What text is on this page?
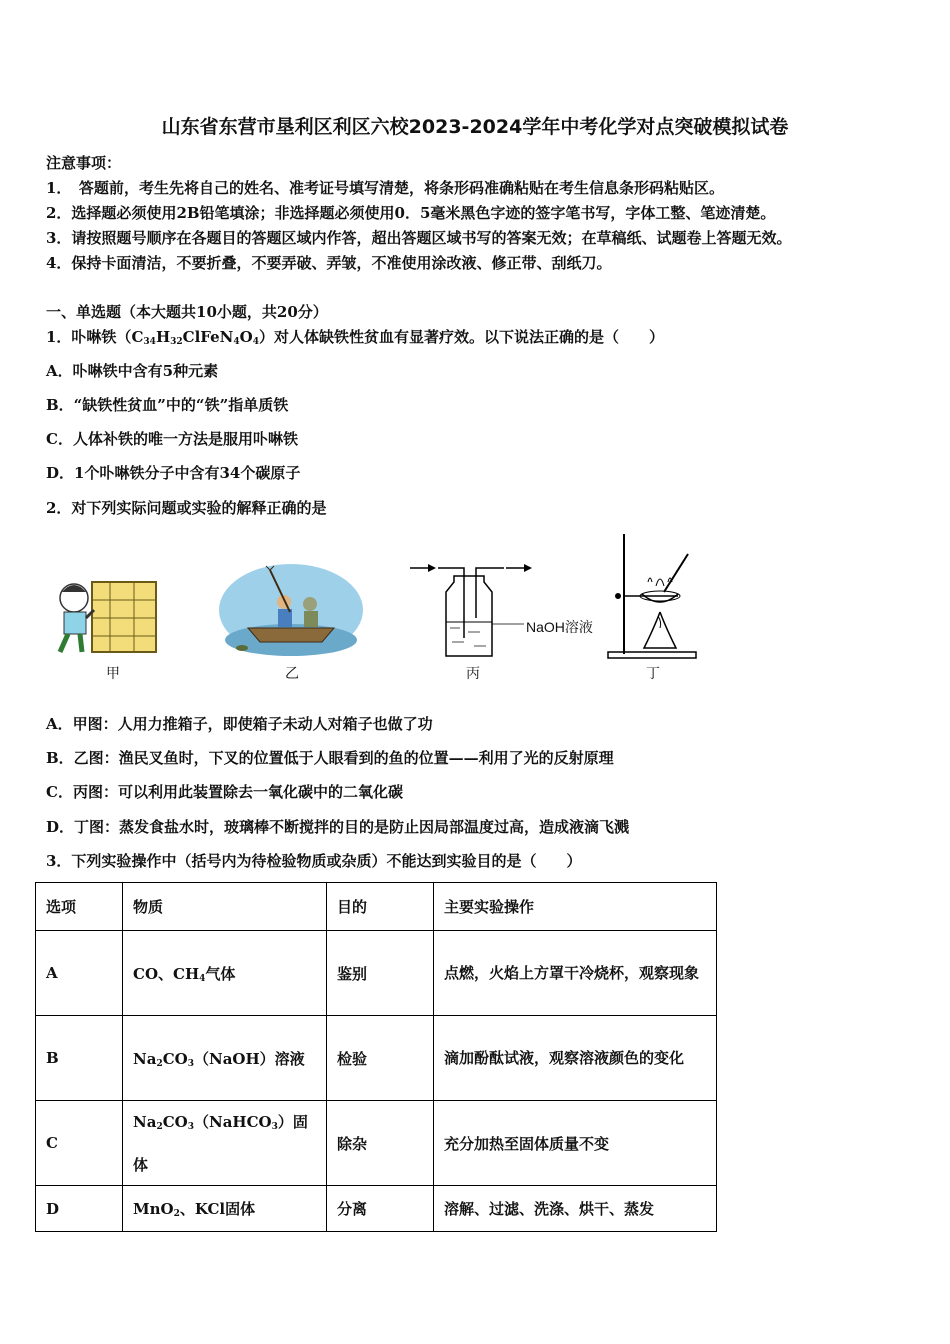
山东省东营市垦利区利区六校2023-2024学年中考化学对点突破模拟试卷
注意事项：
1．　答题前，考生先将自己的姓名、准考证号填写清楚，将条形码准确粘贴在考生信息条形码粘贴区。
2．选择题必须使用2B铅笔填涂；非选择题必须使用0．5毫米黑色字迹的签字笔书写，字体工整、笔迹清楚。
3．请按照题号顺序在各题目的答题区域内作答，超出答题区域书写的答案无效；在草稿纸、试题卷上答题无效。
4．保持卡面清洁，不要折叠，不要弄破、弄皱，不准使用涂改液、修正带、刮纸刀。
一、单选题（本大题共10小题，共20分）
1．卟啉铁$(C_{34}H_{32}ClFeN_4O_4)$对人体缺铁性贫血有显著疗效。以下说法正确的是（　　）
A．卟啉铁中含有5种元素
B．“缺铁性贫血”中的“铁”指单质铁
C．人体补铁的唯一方法是服用卟啉铁
D．1个卟啉铁分子中含有34个碳原子
2．对下列实际问题或实验的解释正确的是
甲	乙
NaOH溶液
丙	丁
A．甲图：人用力推箱子，即使箱子未动人对箱子也做了功
B．乙图：渔民叉鱼时，下叉的位置低于人眼看到的鱼的位置——利用了光的反射原理
C．丙图：可以利用此装置除去一氧化碳中的二氧化碳
D．丁图：蒸发食盐水时，玻璃棒不断搅拌的目的是防止因局部温度过高，造成液滴飞溅
3．下列实验操作中（括号内为待检验物质或杂质）不能达到实验目的是（　　）
选项	物质	目的	主要实验操作
A	CO、$CH_4$气体	鉴别	点燃，火焰上方罩干冷烧杯，观察现象

B	$Na_2CO_3(NaOH)$溶液	检验	滴加酚酞试液，观察溶液颜色的变化

C	$Na_2CO_3(NaHCO_3)$固体	除杂	充分加热至固体质量不变
D	MnO$_2$、KCl固体	分离	溶解、过滤、洗涤、烘干、蒸发
